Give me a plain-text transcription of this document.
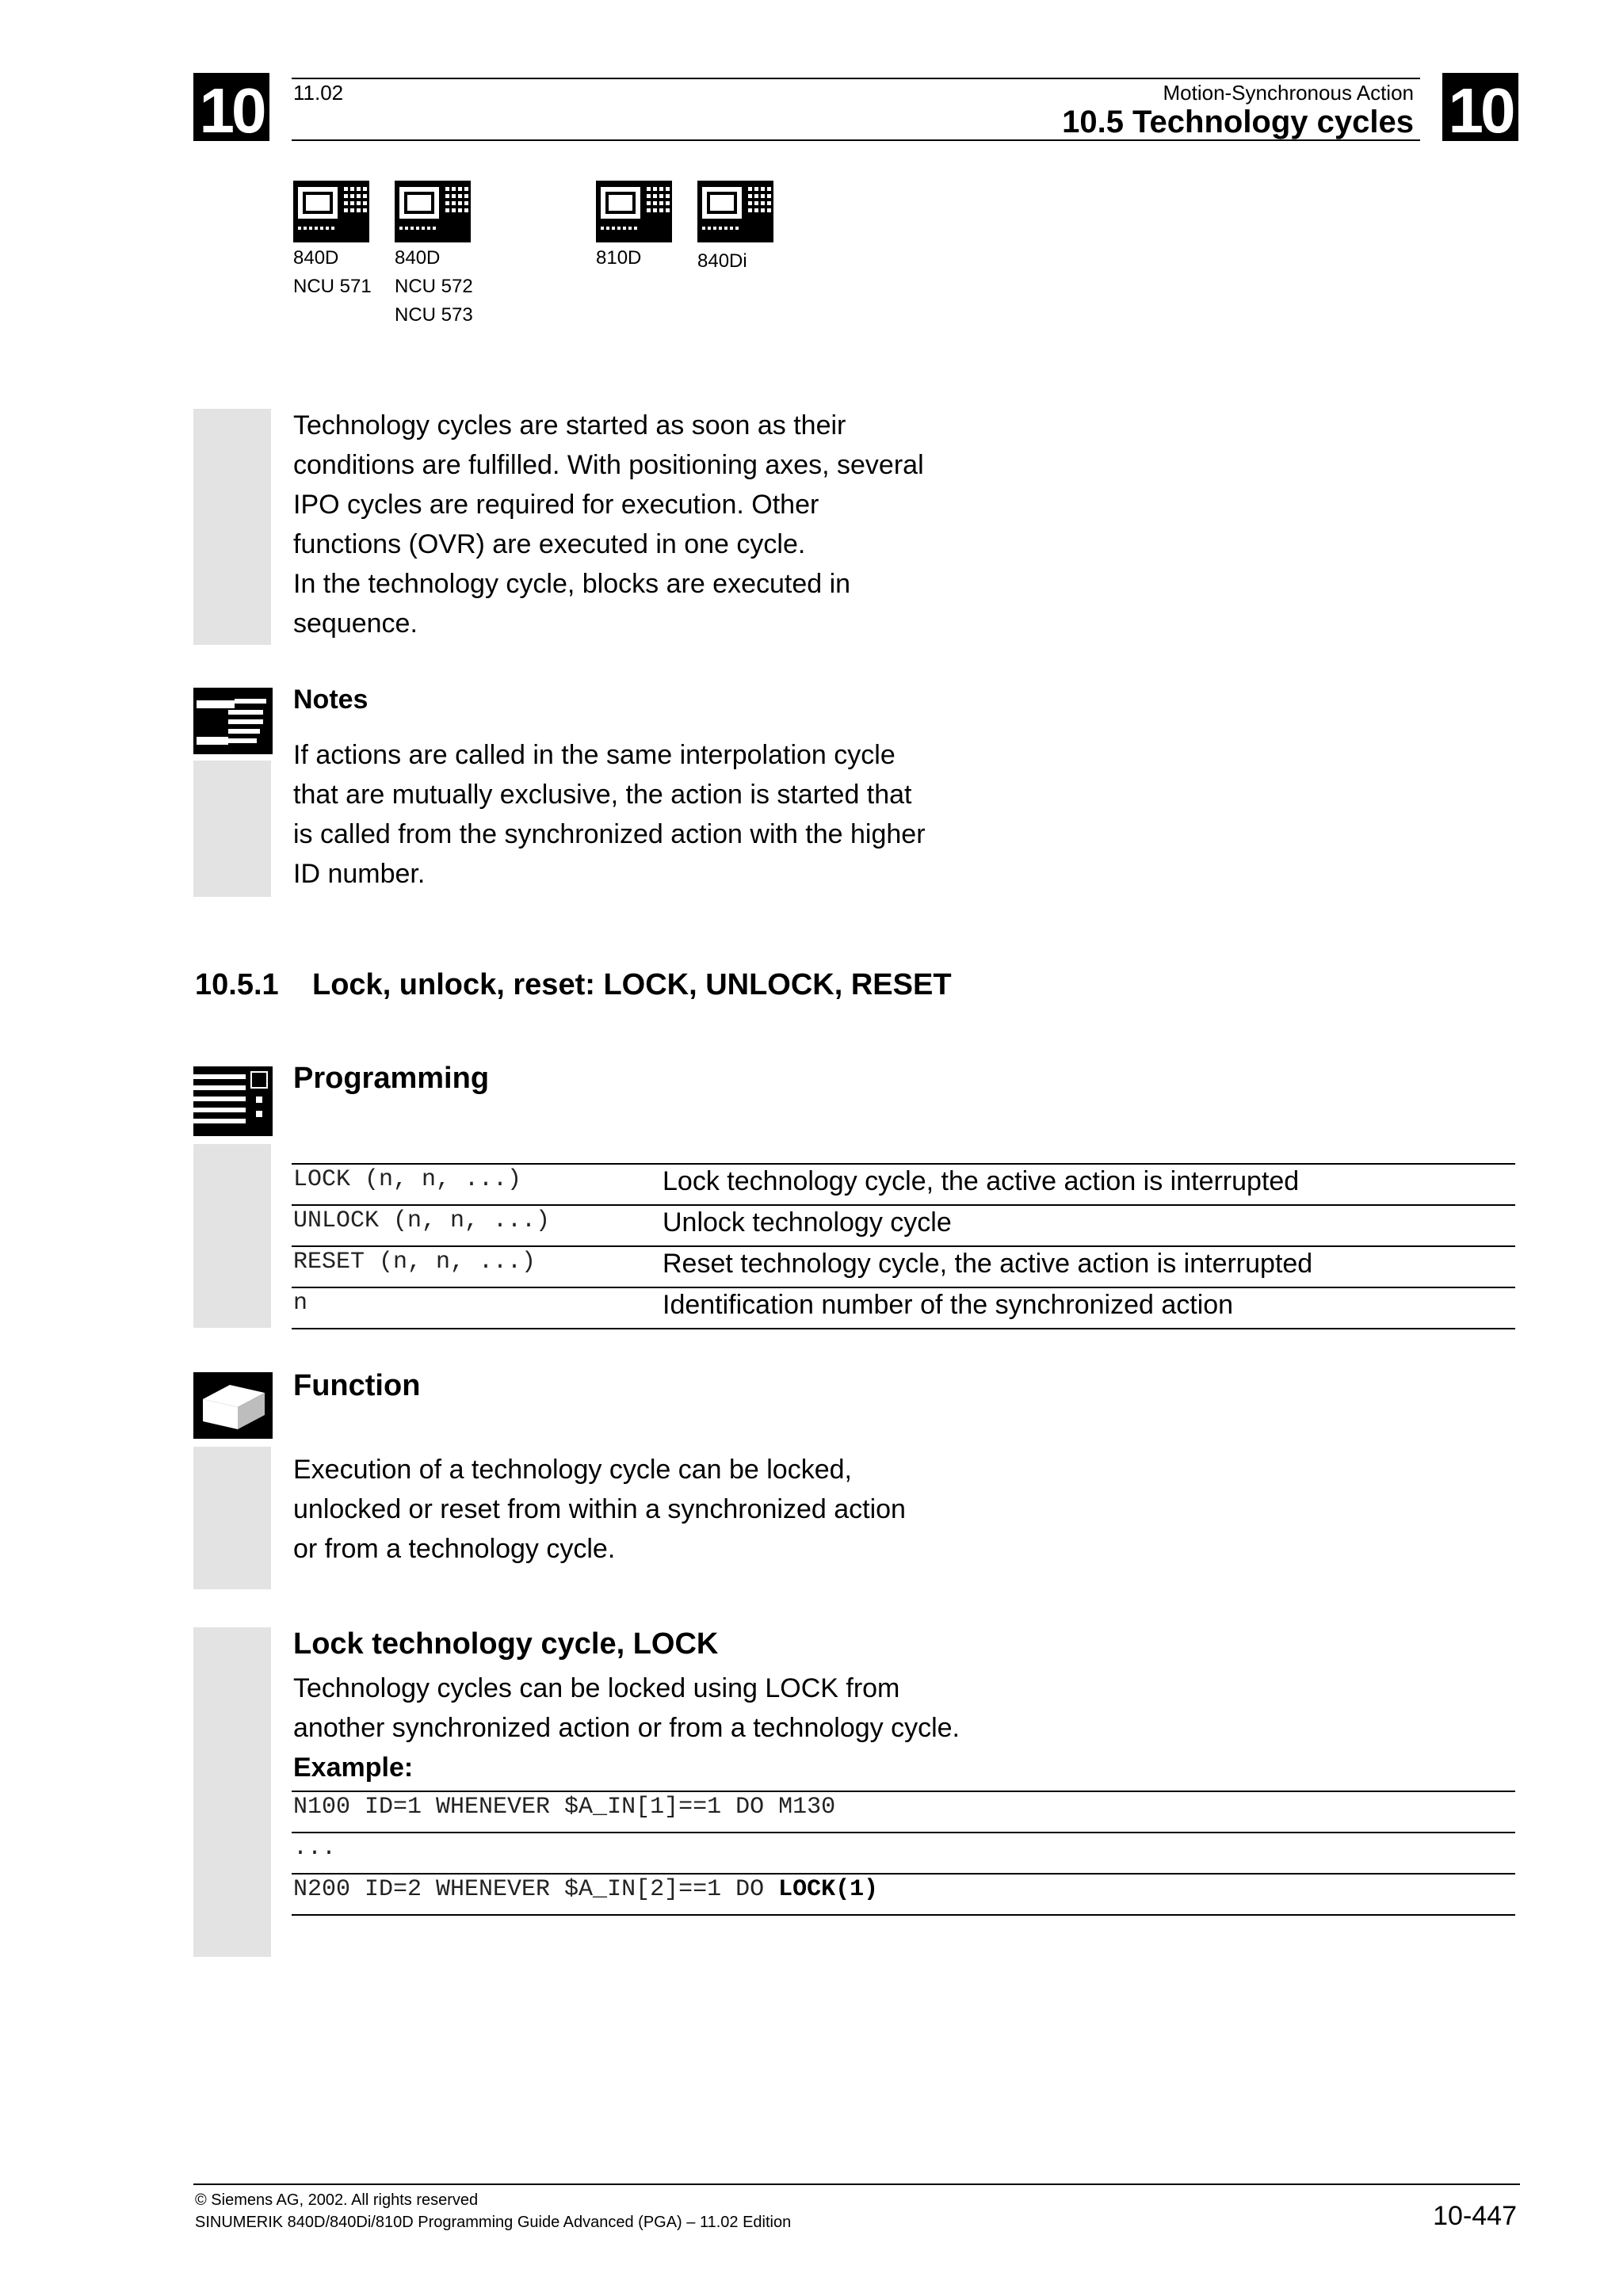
10	10
11.02	Motion-Synchronous Action
10.5 Technology cycles
840D
NCU 571
840D
NCU 572
NCU 573
810D	840Di
Technology cycles are started as soon as their
conditions are fulfilled. With positioning axes, several
IPO cycles are required for execution. Other
functions (OVR) are executed in one cycle.
In the technology cycle, blocks are executed in
sequence.
Notes
If actions are called in the same interpolation cycle
that are mutually exclusive, the action is started that
is called from the synchronized action with the higher
ID number.
10.5.1 Lock, unlock, reset: LOCK, UNLOCK, RESET
Programming
LOCK (n, n, ...)	Lock technology cycle, the active action is interrupted
UNLOCK (n, n, ...)	Unlock technology cycle
RESET (n, n, ...)	Reset technology cycle, the active action is interrupted
n	Identification number of the synchronized action
Function
Execution of a technology cycle can be locked,
unlocked or reset from within a synchronized action
or from a technology cycle.
Lock technology cycle, LOCK
Technology cycles can be locked using LOCK from
another synchronized action or from a technology cycle.
Example:
N100 ID=1 WHENEVER $A_IN[1]==1 DO M130
...
N200 ID=2 WHENEVER $A_IN[2]==1 DO LOCK(1)
© Siemens AG, 2002. All rights reserved
SINUMERIK 840D/840Di/810D Programming Guide Advanced (PGA) – 11.02 Edition	10-447
